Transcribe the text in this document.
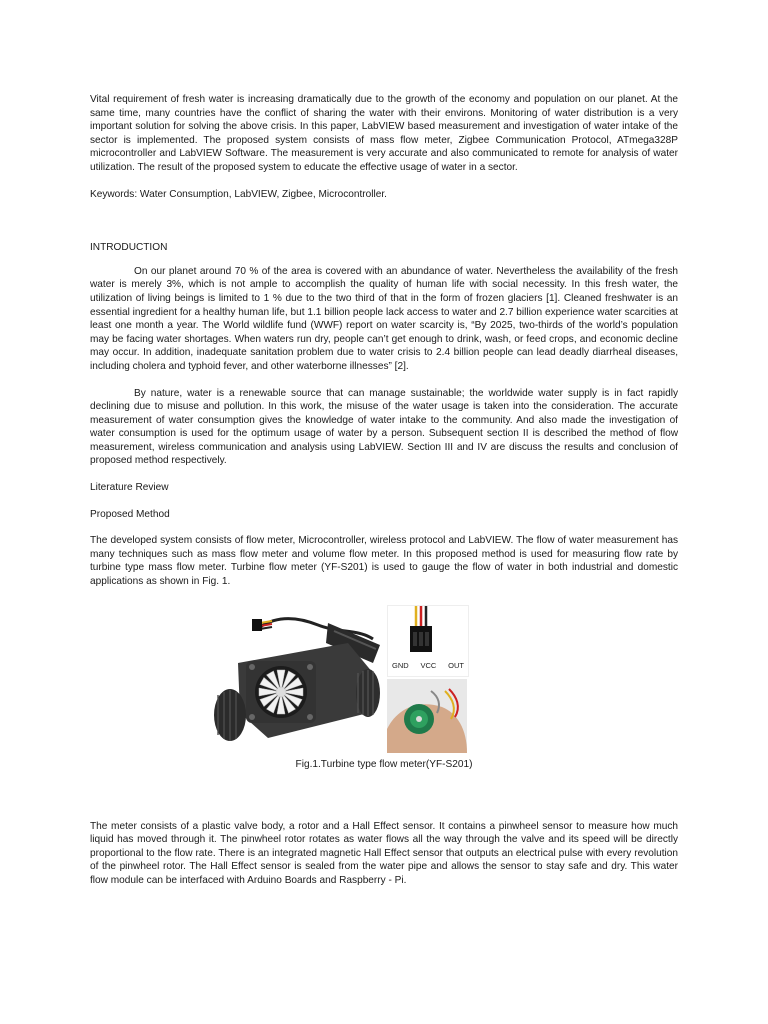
Vital requirement of fresh water is increasing dramatically due to the growth of the economy and population on our planet. At the same time, many countries have the conflict of sharing the water with their environs. Monitoring of water distribution is a very important solution for solving the above crisis. In this paper, LabVIEW based measurement and investigation of water intake of the sector is implemented. The proposed system consists of mass flow meter, Zigbee Communication Protocol, ATmega328P microcontroller and LabVIEW Software. The measurement is very accurate and also communicated to remote for analysis of water utilization. The result of the proposed system to educate the effective usage of water in a sector.

Keywords: Water Consumption, LabVIEW, Zigbee, Microcontroller.

INTRODUCTION

On our planet around 70 % of the area is covered with an abundance of water. Nevertheless the availability of the fresh water is merely 3%, which is not ample to accomplish the quality of human life with social necessity. In this fresh water, the utilization of living beings is limited to 1 % due to the two third of that in the form of frozen glaciers [1]. Cleaned freshwater is an essential ingredient for a healthy human life, but 1.1 billion people lack access to water and 2.7 billion experience water scarcities at least one month a year. The World wildlife fund (WWF) report on water scarcity is, “By 2025, two-thirds of the world’s population may be facing water shortages. When waters run dry, people can’t get enough to drink, wash, or feed crops, and economic decline may occur. In addition, inadequate sanitation problem due to water crisis to 2.4 billion people can lead deadly diarrheal diseases, including cholera and typhoid fever, and other waterborne illnesses” [2].

By nature, water is a renewable source that can manage sustainable; the worldwide water supply is in fact rapidly declining due to misuse and pollution. In this work, the misuse of the water usage is taken into the consideration. The accurate measurement of water consumption gives the knowledge of water intake to the community. And also made the investigation of water consumption is used for the optimum usage of water by a person. Subsequent section II is described the method of flow measurement, wireless communication and analysis using LabVIEW. Section III and IV are discuss the results and conclusion of proposed method respectively.

Literature Review

Proposed Method

The developed system consists of flow meter, Microcontroller, wireless protocol and LabVIEW. The flow of water measurement has many techniques such as mass flow meter and volume flow meter. In this proposed method is used for measuring flow rate by turbine type mass flow meter. Turbine flow meter (YF-S201) is used to gauge the flow of water in both industrial and domestic applications as shown in Fig. 1.

GND VCC OUT
Fig.1.Turbine type flow meter(YF-S201)

The meter consists of a plastic valve body, a rotor and a Hall Effect sensor. It contains a pinwheel sensor to measure how much liquid has moved through it. The pinwheel rotor rotates as water flows all the way through the valve and its speed will be directly proportional to the flow rate. There is an integrated magnetic Hall Effect sensor that outputs an electrical pulse with every revolution of the pinwheel rotor. The Hall Effect sensor is sealed from the water pipe and allows the sensor to stay safe and dry. This water flow module can be interfaced with Arduino Boards and Raspberry - Pi.
